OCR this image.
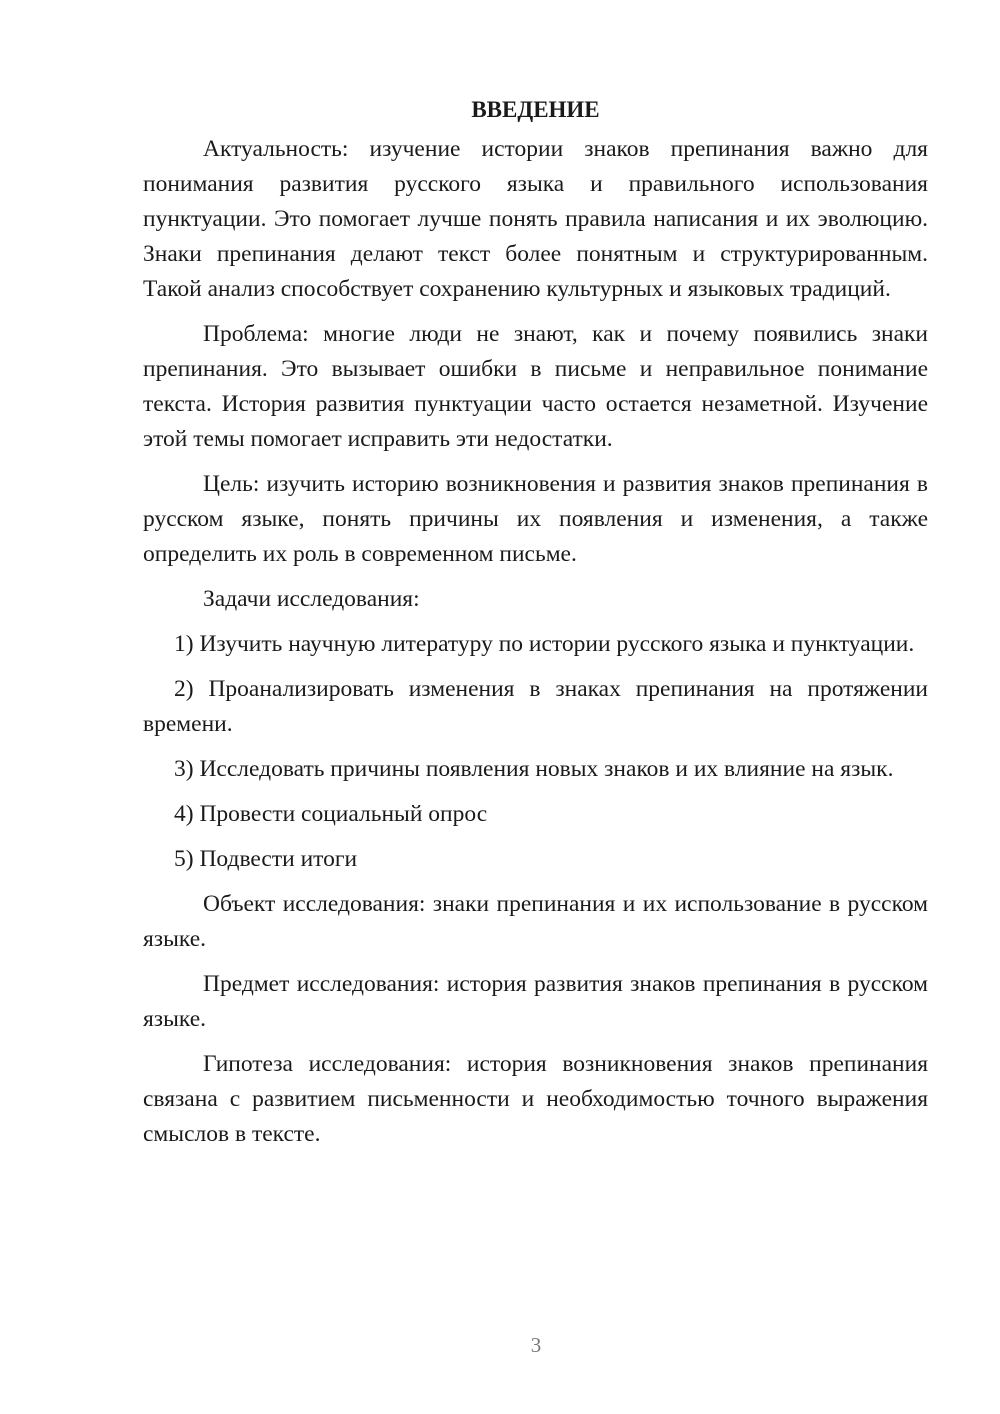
ВВЕДЕНИЕ

Актуальность: изучение истории знаков препинания важно для понимания развития русского языка и правильного использования пунктуации. Это помогает лучше понять правила написания и их эволюцию. Знаки препинания делают текст более понятным и структурированным. Такой анализ способствует сохранению культурных и языковых традиций.

Проблема: многие люди не знают, как и почему появились знаки препинания. Это вызывает ошибки в письме и неправильное понимание текста. История развития пунктуации часто остается незаметной. Изучение этой темы помогает исправить эти недостатки.

Цель: изучить историю возникновения и развития знаков препинания в русском языке, понять причины их появления и изменения, а также определить их роль в современном письме.

Задачи исследования:

1) Изучить научную литературу по истории русского языка и пунктуации.

2) Проанализировать изменения в знаках препинания на протяжении времени.

3) Исследовать причины появления новых знаков и их влияние на язык.

4) Провести социальный опрос

5) Подвести итоги

Объект исследования: знаки препинания и их использование в русском языке.

Предмет исследования: история развития знаков препинания в русском языке.

Гипотеза исследования: история возникновения знаков препинания связана с развитием письменности и необходимостью точного выражения смыслов в тексте.

3
